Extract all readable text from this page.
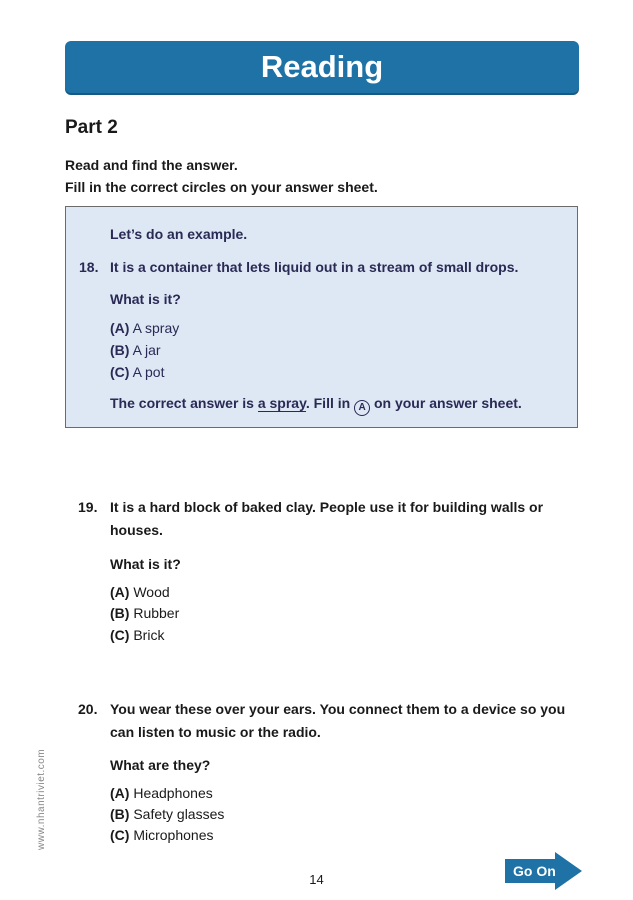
Reading
Part 2
Read and find the answer.
Fill in the correct circles on your answer sheet.
Let’s do an example.
18. It is a container that lets liquid out in a stream of small drops.
What is it?
(A) A spray
(B) A jar
(C) A pot
The correct answer is a spray. Fill in A on your answer sheet.
19. It is a hard block of baked clay. People use it for building walls or houses.
What is it?
(A) Wood
(B) Rubber
(C) Brick
20. You wear these over your ears. You connect them to a device so you can listen to music or the radio.
What are they?
(A) Headphones
(B) Safety glasses
(C) Microphones
www.nhantriviet.com
14
Go On
